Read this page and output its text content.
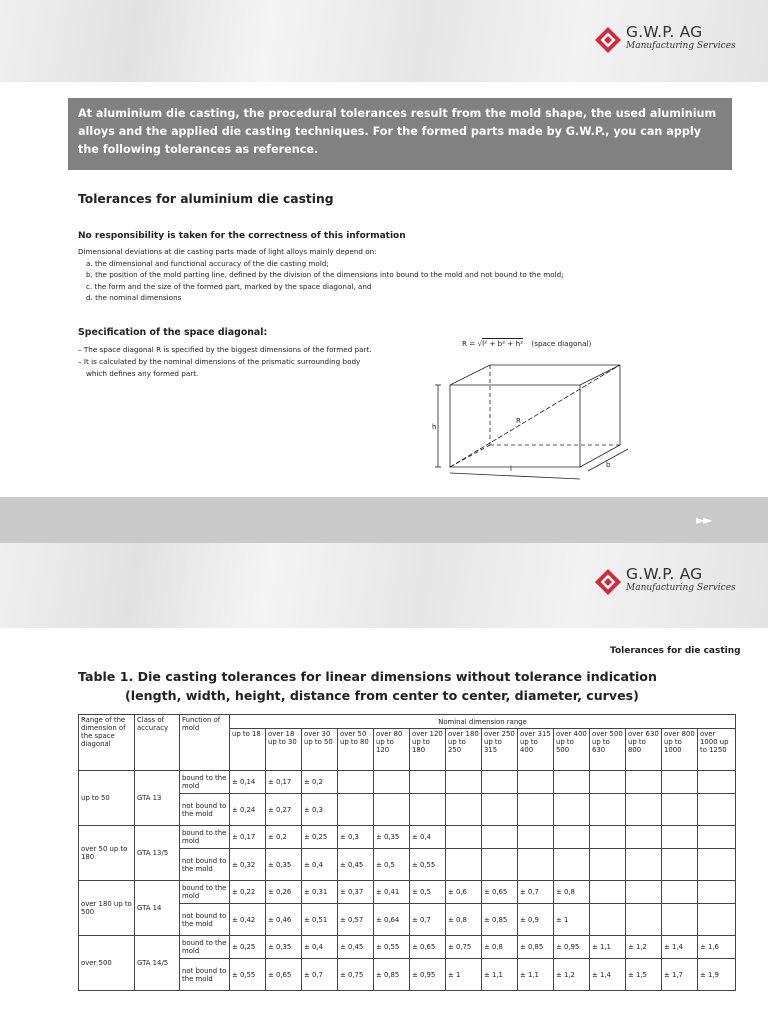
G.W.P. AG
Manufacturing Services
At aluminium die casting, the procedural tolerances result from the mold shape, the used aluminium alloys and the applied die casting techniques. For the formed parts made by G.W.P., you can apply the following tolerances as reference.
Tolerances for aluminium die casting
No responsibility is taken for the correctness of this information
Dimensional deviations at die casting parts made of light alloys mainly depend on:
a. the dimensional and functional accuracy of the die casting mold;
b. the position of the mold parting line, defined by the division of the dimensions into bound to the mold and not bound to the mold;
c. the form and the size of the formed part, marked by the space diagonal, and
d. the nominal dimensions
Specification of the space diagonal:
– The space diagonal R is specified by the biggest dimensions of the formed part.
– It is calculated by the nominal dimensions of the prismatic surrounding body
which defines any formed part.
R = √l² + b² + h² (space diagonal)
h
R
l	b
►►
G.W.P. AG
Manufacturing Services
Tolerances for die casting
Table 1. Die casting tolerances for linear dimensions without tolerance indication
(length, width, height, distance from center to center, diameter, curves)
Range of the dimension of the space diagonal	Class of accuracy	Function of mold	Nominal dimension range													
			up to 18	over 18 up to 30	over 30 up to 50	over 50 up to 80	over 80 up to 120	over 120 up to 180	over 180 up to 250	over 250 up to 315	over 315 up to 400	over 400 up to 500	over 500 up to 630	over 630 up to 800	over 800 up to 1000	over 1000 up to 1250
up to 50	GTA 13	bound to the mold	± 0,14	± 0,17	± 0,2											
		not bound to the mold	± 0,24	± 0,27	± 0,3											
over 50 up to 180	GTA 13/5	bound to the mold	± 0,17	± 0,2	± 0,25	± 0,3	± 0,35	± 0,4								
		not bound to the mold	± 0,32	± 0,35	± 0,4	± 0,45	± 0,5	± 0,55								
over 180 up to 500	GTA 14	bound to the mold	± 0,22	± 0,26	± 0,31	± 0,37	± 0,41	± 0,5	± 0,6	± 0,65	± 0,7	± 0,8				
		not bound to the mold	± 0,42	± 0,46	± 0,51	± 0,57	± 0,64	± 0,7	± 0,8	± 0,85	± 0,9	± 1				
over 500	GTA 14/5	bound to the mold	± 0,25	± 0,35	± 0,4	± 0,45	± 0,55	± 0,65	± 0,75	± 0,8	± 0,85	± 0,95	± 1,1	± 1,2	± 1,4	± 1,6
		not bound to the mold	± 0,55	± 0,65	± 0,7	± 0,75	± 0,85	± 0,95	± 1	± 1,1	± 1,1	± 1,2	± 1,4	± 1,5	± 1,7	± 1,9
